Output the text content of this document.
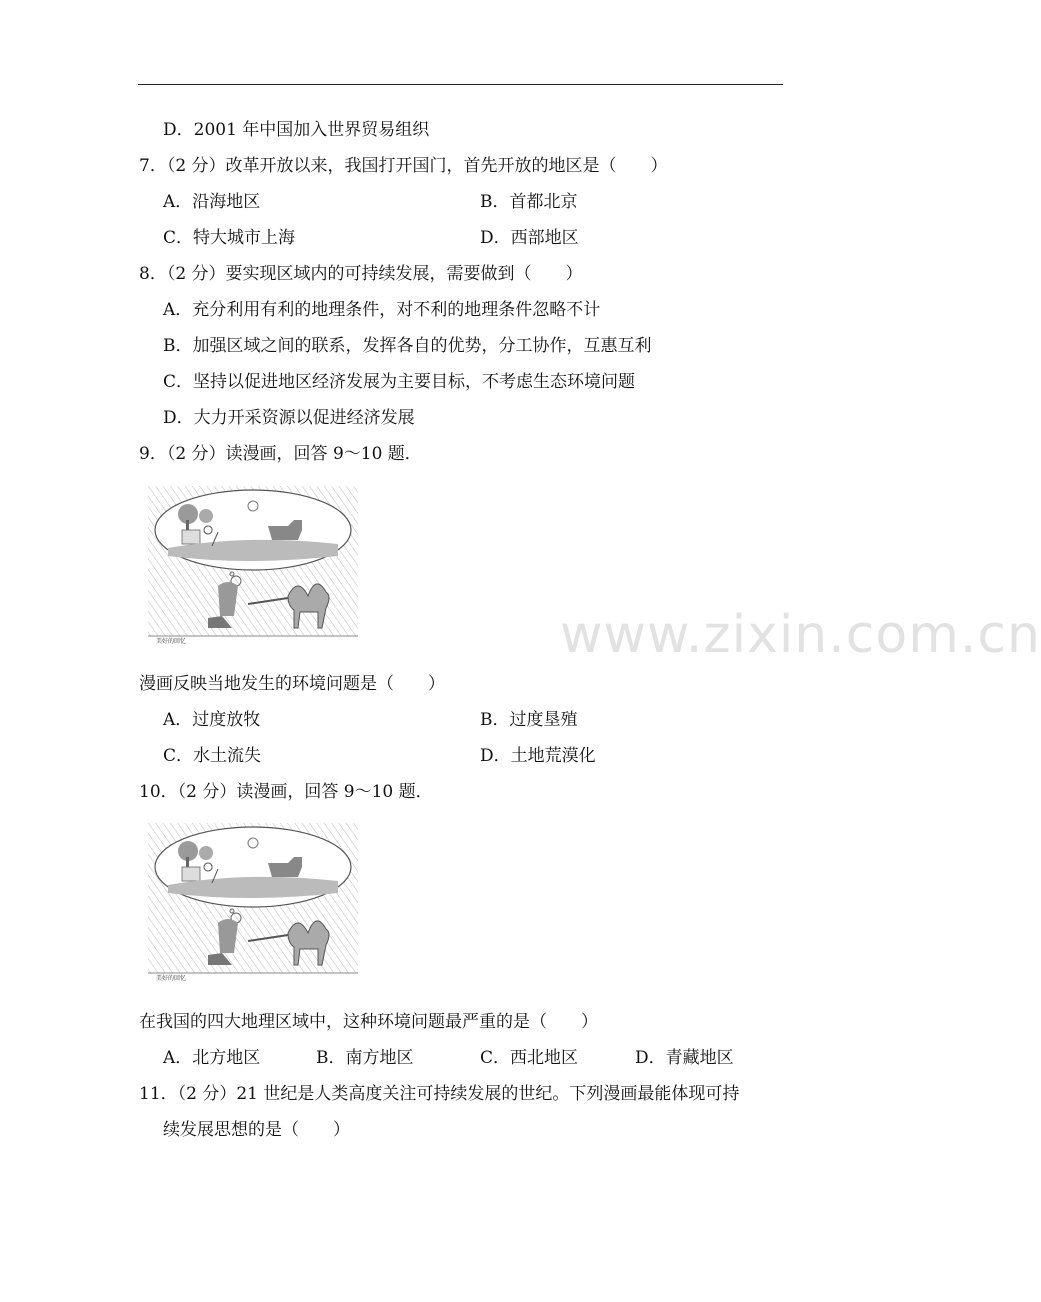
D．2001 年中国加入世界贸易组织
7．（2 分）改革开放以来，我国打开国门，首先开放的地区是（　　）
A．沿海地区	B．首都北京
C．特大城市上海	D．西部地区
8．（2 分）要实现区域内的可持续发展，需要做到（　　）
A．充分利用有利的地理条件，对不利的地理条件忽略不计
B．加强区域之间的联系，发挥各自的优势，分工协作，互惠互利
C．坚持以促进地区经济发展为主要目标，不考虑生态环境问题
D．大力开采资源以促进经济发展
9．（2 分）读漫画，回答 9～10 题．
美好的回忆	www.zixin.com.cn
漫画反映当地发生的环境问题是（　　）
A．过度放牧	B．过度垦殖
C．水土流失	D．土地荒漠化
10．（2 分）读漫画，回答 9～10 题．
美好的回忆
在我国的四大地理区域中，这种环境问题最严重的是（　　）
A．北方地区	B．南方地区	C．西北地区	D．青藏地区
11．（2 分）21 世纪是人类高度关注可持续发展的世纪。下列漫画最能体现可持
续发展思想的是（　　）
